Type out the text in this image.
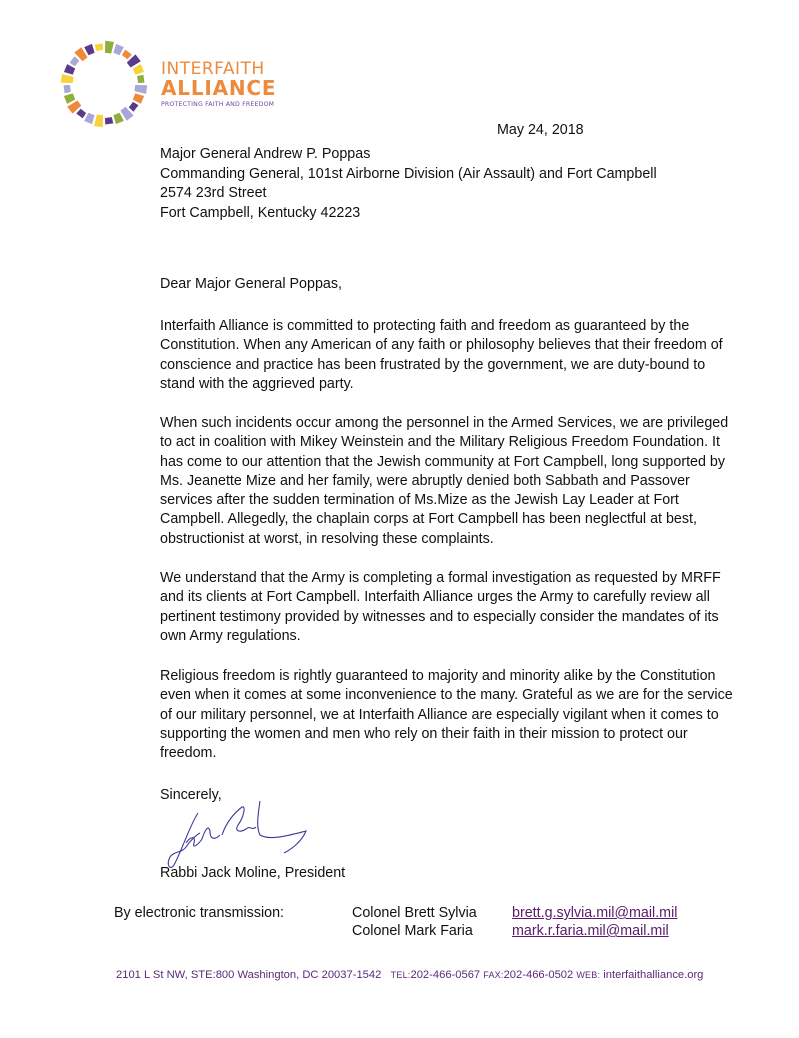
INTERFAITH
ALLIANCE
PROTECTING FAITH AND FREEDOM
May 24, 2018
Major General Andrew P. Poppas
Commanding General, 101st Airborne Division (Air Assault) and Fort Campbell
2574 23rd Street
Fort Campbell, Kentucky 42223
Dear Major General Poppas,
Interfaith Alliance is committed to protecting faith and freedom as guaranteed by the Constitution. When any American of any faith or philosophy believes that their freedom of conscience and practice has been frustrated by the government, we are duty-bound to stand with the aggrieved party.
When such incidents occur among the personnel in the Armed Services, we are privileged to act in coalition with Mikey Weinstein and the Military Religious Freedom Foundation. It has come to our attention that the Jewish community at Fort Campbell, long supported by Ms. Jeanette Mize and her family, were abruptly denied both Sabbath and Passover services after the sudden termination of Ms.Mize as the Jewish Lay Leader at Fort Campbell. Allegedly, the chaplain corps at Fort Campbell has been neglectful at best, obstructionist at worst, in resolving these complaints.
We understand that the Army is completing a formal investigation as requested by MRFF and its clients at Fort Campbell. Interfaith Alliance urges the Army to carefully review all pertinent testimony provided by witnesses and to especially consider the mandates of its own Army regulations.
Religious freedom is rightly guaranteed to majority and minority alike by the Constitution even when it comes at some inconvenience to the many. Grateful as we are for the service of our military personnel, we at Interfaith Alliance are especially vigilant when it comes to supporting the women and men who rely on their faith in their mission to protect our freedom.
Sincerely,
Rabbi Jack Moline, President
By electronic transmission:	Colonel Brett Sylvia brett.g.sylvia.mil@mail.mil
Colonel Mark Faria	mark.r.faria.mil@mail.mil
2101 L St NW, STE:800 Washington, DC 20037-1542 TEL:202-466-0567 FAX:202-466-0502 WEB: interfaithalliance.org
